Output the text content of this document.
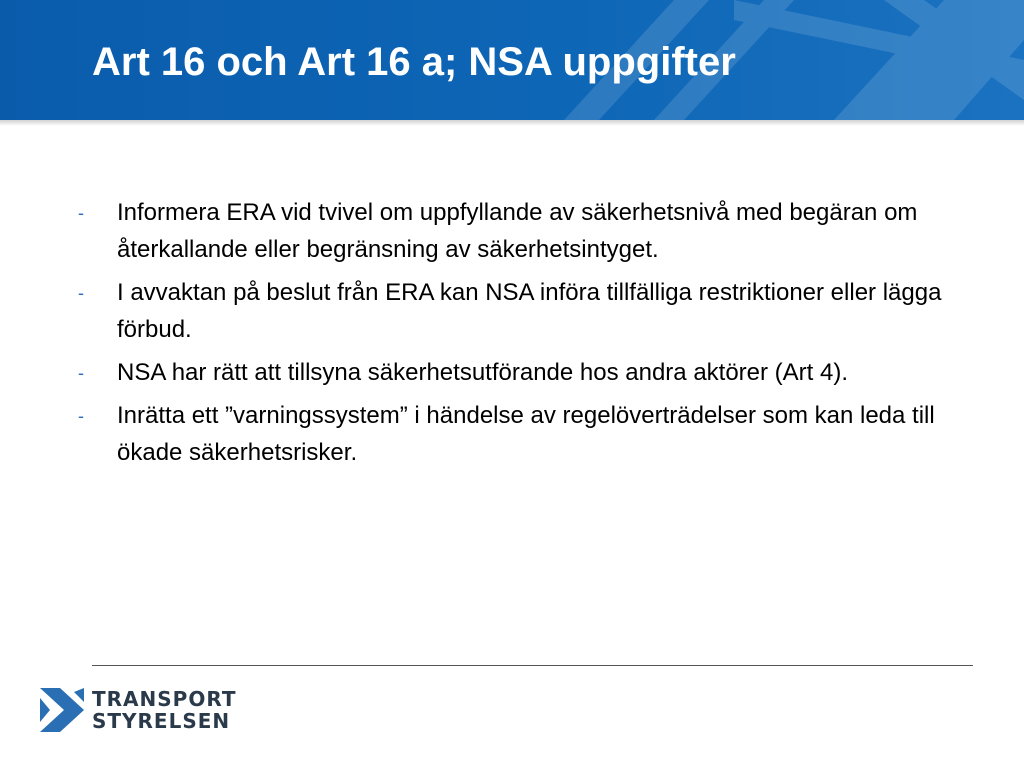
Art 16 och Art 16 a; NSA uppgifter
- Informera ERA vid tvivel om uppfyllande av säkerhetsnivå med begäran om återkallande eller begränsning av säkerhetsintyget.
- I avvaktan på beslut från ERA kan NSA införa tillfälliga restriktioner eller lägga förbud.
- NSA har rätt att tillsyna säkerhetsutförande hos andra aktörer (Art 4).
- Inrätta ett ”varningssystem” i händelse av regelöverträdelser som kan leda till ökade säkerhetsrisker.
TRANSPORT
STYRELSEN
